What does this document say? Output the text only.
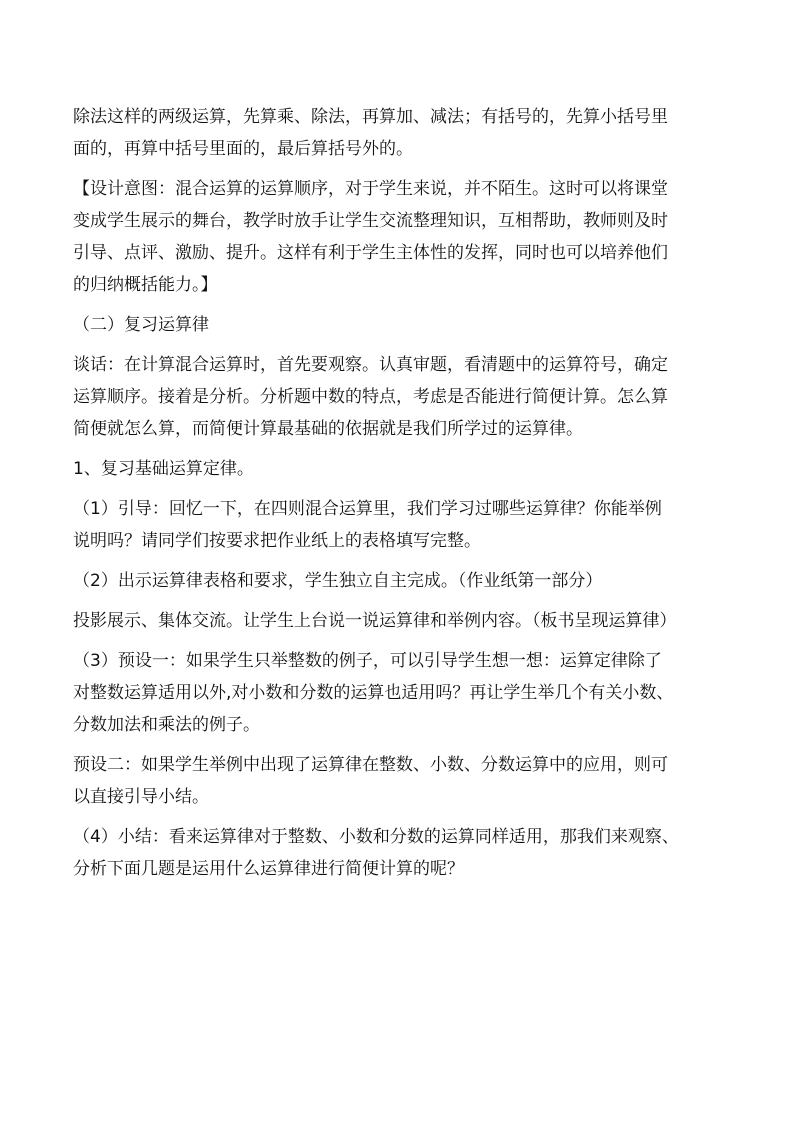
除法这样的两级运算，先算乘、除法，再算加、减法；有括号的，先算小括号里

面的，再算中括号里面的，最后算括号外的。

【设计意图：混合运算的运算顺序，对于学生来说，并不陌生。这时可以将课堂

变成学生展示的舞台，教学时放手让学生交流整理知识，互相帮助，教师则及时

引导、点评、激励、提升。这样有利于学生主体性的发挥，同时也可以培养他们

的归纳概括能力。】

（二）复习运算律

谈话：在计算混合运算时，首先要观察。认真审题，看清题中的运算符号，确定

运算顺序。接着是分析。分析题中数的特点，考虑是否能进行简便计算。怎么算

简便就怎么算，而简便计算最基础的依据就是我们所学过的运算律。

1、复习基础运算定律。

（1）引导：回忆一下，在四则混合运算里，我们学习过哪些运算律？你能举例

说明吗？请同学们按要求把作业纸上的表格填写完整。

（2）出示运算律表格和要求，学生独立自主完成。（作业纸第一部分）

投影展示、集体交流。让学生上台说一说运算律和举例内容。（板书呈现运算律）

（3）预设一：如果学生只举整数的例子，可以引导学生想一想：运算定律除了

对整数运算适用以外,对小数和分数的运算也适用吗？再让学生举几个有关小数、

分数加法和乘法的例子。

预设二：如果学生举例中出现了运算律在整数、小数、分数运算中的应用，则可

以直接引导小结。

（4）小结：看来运算律对于整数、小数和分数的运算同样适用，那我们来观察、

分析下面几题是运用什么运算律进行简便计算的呢？
